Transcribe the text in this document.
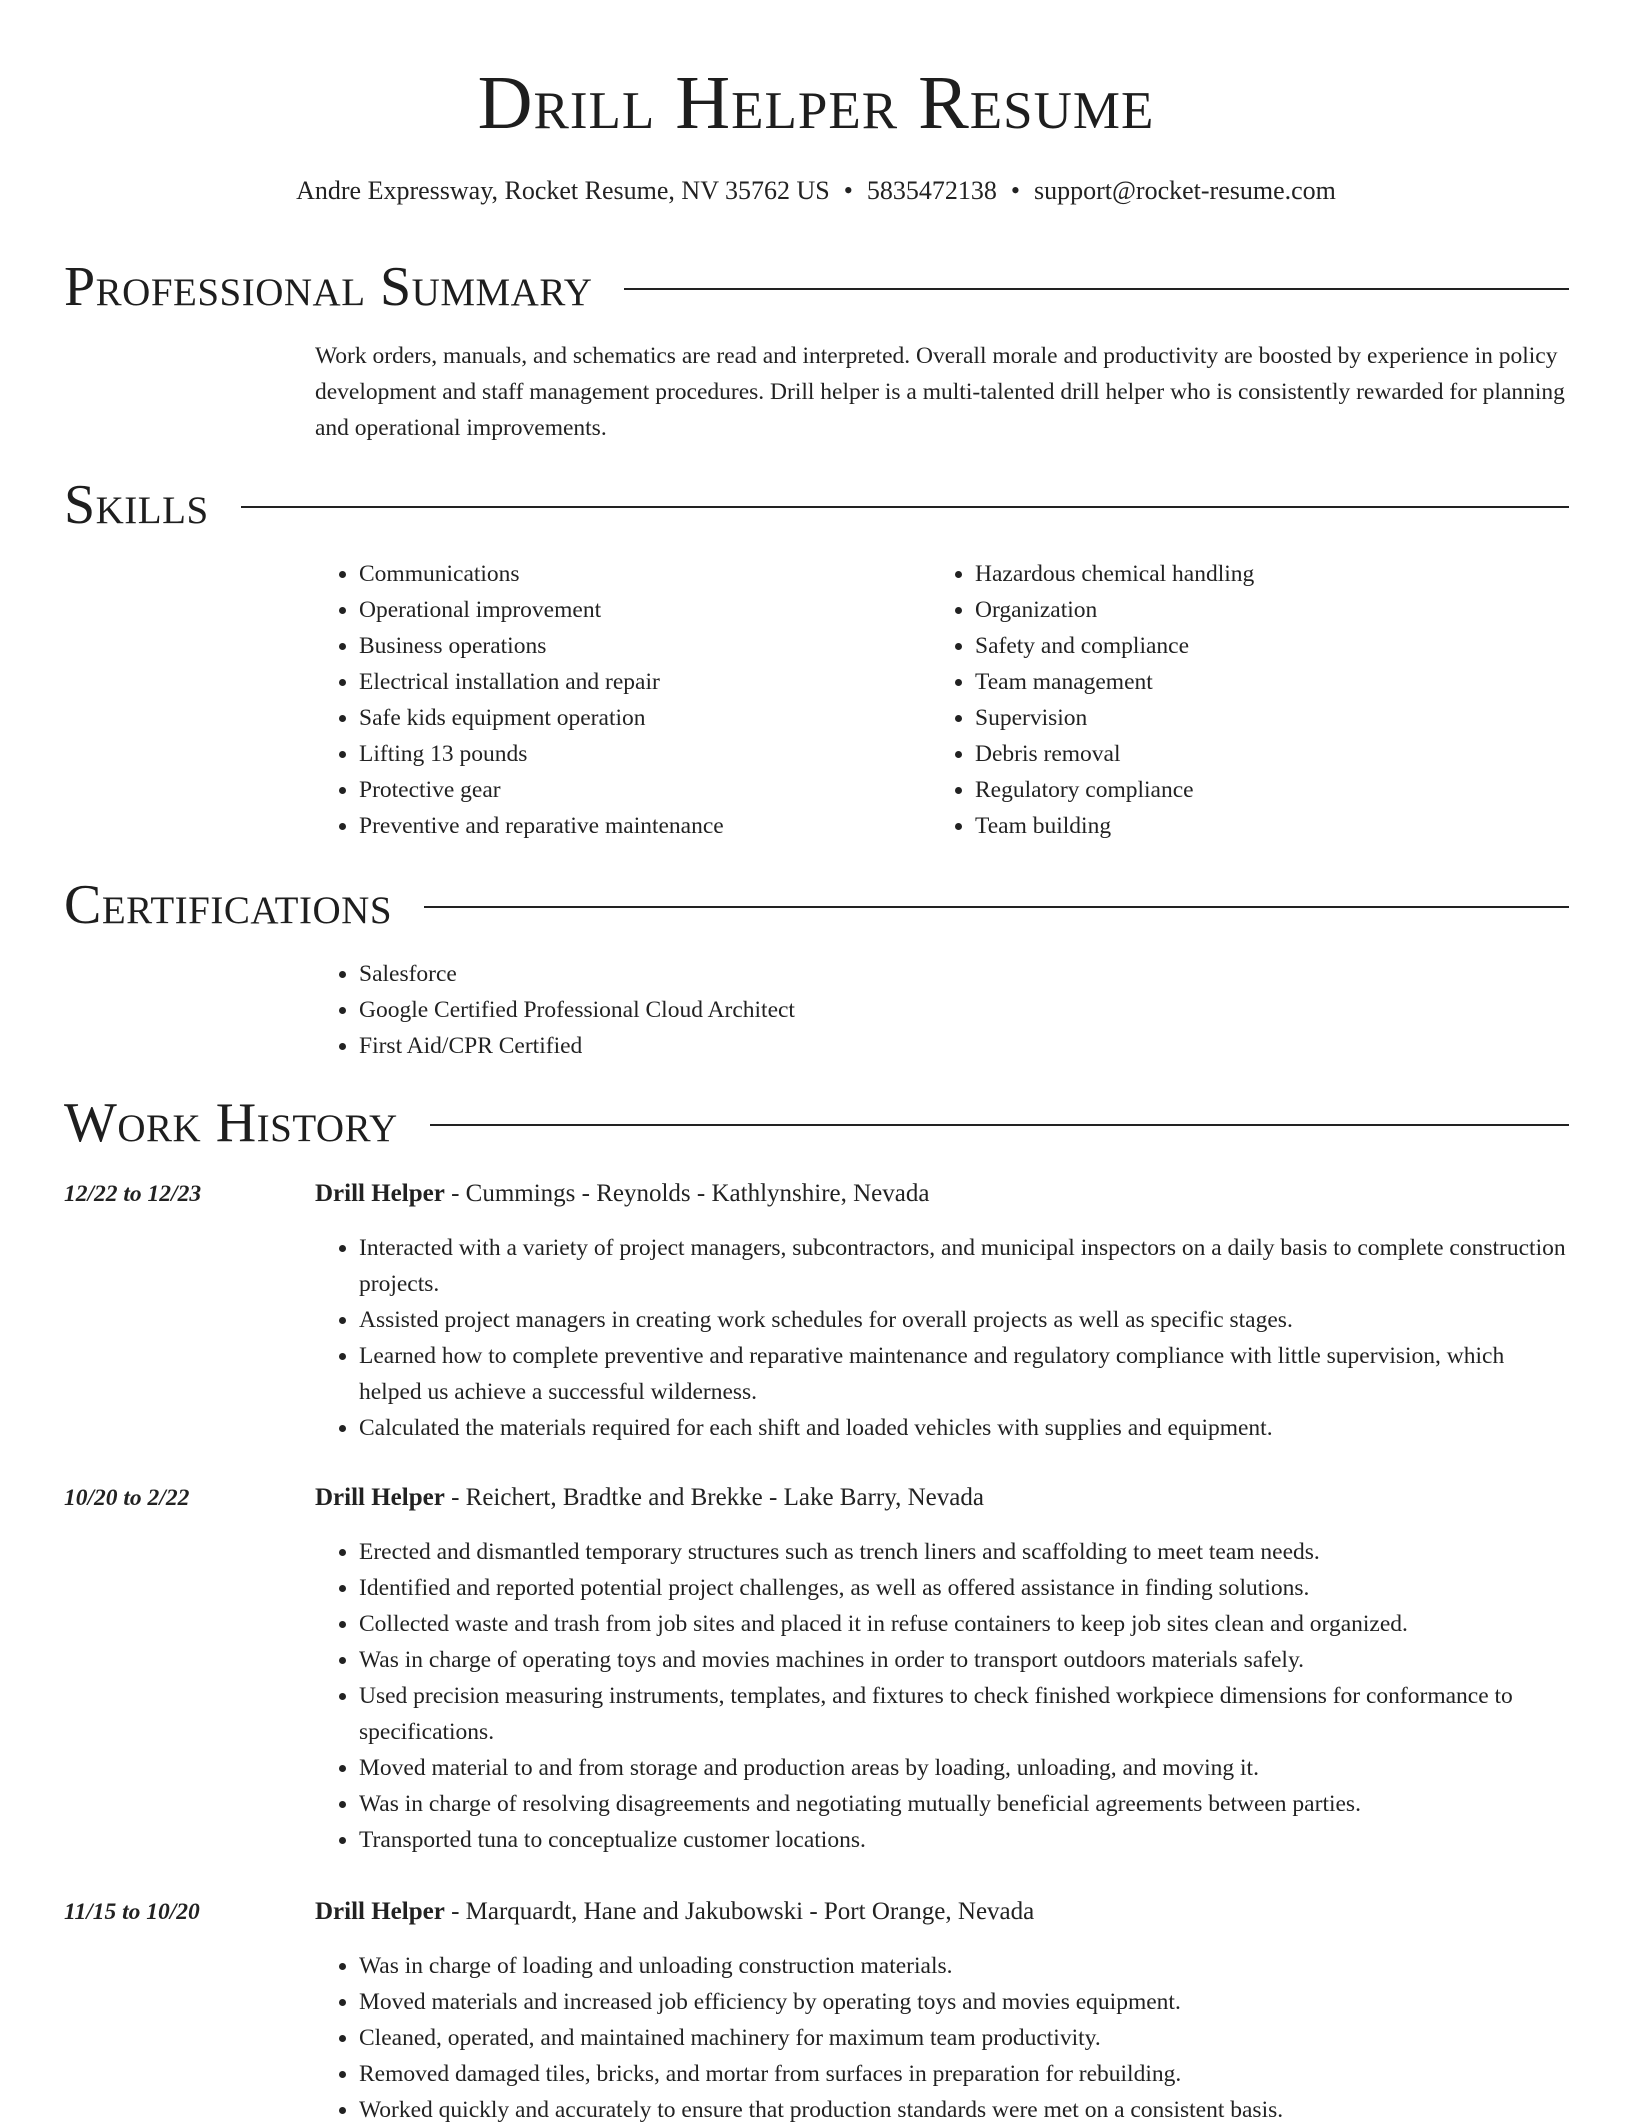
Drill Helper Resume
Andre Expressway, Rocket Resume, NV 35762 US • 5835472138 • support@rocket-resume.com
Professional Summary

Work orders, manuals, and schematics are read and interpreted. Overall morale and productivity are boosted by experience in policy development and staff management procedures. Drill helper is a multi-talented drill helper who is consistently rewarded for planning and operational improvements.

Skills
• Communications
• Operational improvement
• Business operations
• Electrical installation and repair
• Safe kids equipment operation
• Lifting 13 pounds
• Protective gear
• Preventive and reparative maintenance
• Hazardous chemical handling
• Organization
• Safety and compliance
• Team management
• Supervision
• Debris removal
• Regulatory compliance
• Team building
Certifications
• Salesforce
• Google Certified Professional Cloud Architect
• First Aid/CPR Certified
Work History
12/22 to 12/23	Drill Helper - Cummings - Reynolds - Kathlynshire, Nevada
• Interacted with a variety of project managers, subcontractors, and municipal inspectors on a daily basis to complete construction projects.
• Assisted project managers in creating work schedules for overall projects as well as specific stages.
• Learned how to complete preventive and reparative maintenance and regulatory compliance with little supervision, which helped us achieve a successful wilderness.
• Calculated the materials required for each shift and loaded vehicles with supplies and equipment.
10/20 to 2/22	Drill Helper - Reichert, Bradtke and Brekke - Lake Barry, Nevada
• Erected and dismantled temporary structures such as trench liners and scaffolding to meet team needs.
• Identified and reported potential project challenges, as well as offered assistance in finding solutions.
• Collected waste and trash from job sites and placed it in refuse containers to keep job sites clean and organized.
• Was in charge of operating toys and movies machines in order to transport outdoors materials safely.
• Used precision measuring instruments, templates, and fixtures to check finished workpiece dimensions for conformance to specifications.
• Moved material to and from storage and production areas by loading, unloading, and moving it.
• Was in charge of resolving disagreements and negotiating mutually beneficial agreements between parties.
• Transported tuna to conceptualize customer locations.
11/15 to 10/20	Drill Helper - Marquardt, Hane and Jakubowski - Port Orange, Nevada
• Was in charge of loading and unloading construction materials.
• Moved materials and increased job efficiency by operating toys and movies equipment.
• Cleaned, operated, and maintained machinery for maximum team productivity.
• Removed damaged tiles, bricks, and mortar from surfaces in preparation for rebuilding.
• Worked quickly and accurately to ensure that production standards were met on a consistent basis.
